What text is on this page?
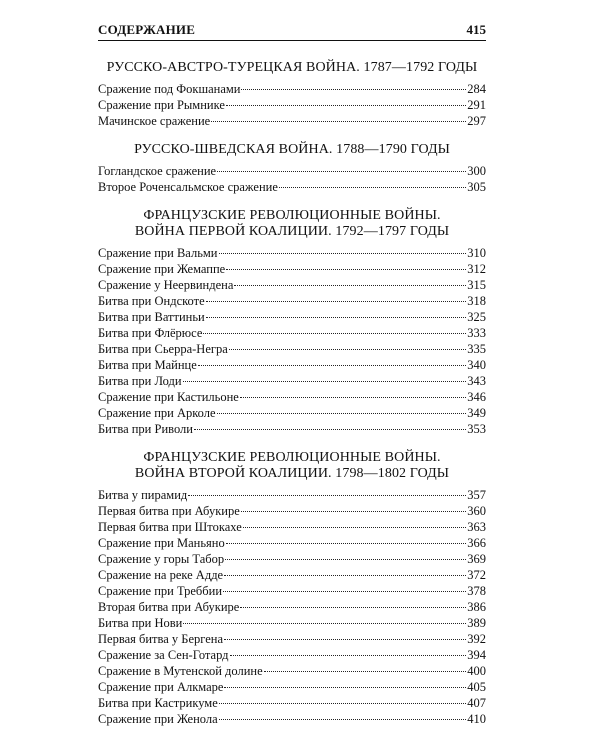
СОДЕРЖАНИЕ	415
РУССКО-АВСТРО-ТУРЕЦКАЯ ВОЙНА. 1787—1792 ГОДЫ
Сражение под Фокшанами	284
Сражение при Рымнике	291
Мачинское сражение	297
РУССКО-ШВЕДСКАЯ ВОЙНА. 1788—1790 ГОДЫ
Гогландское сражение	300
Второе Роченсальмское сражение	305
ФРАНЦУЗСКИЕ РЕВОЛЮЦИОННЫЕ ВОЙНЫ.
ВОЙНА ПЕРВОЙ КОАЛИЦИИ. 1792—1797 ГОДЫ
Сражение при Вальми	310
Сражение при Жемаппе	312
Сражение у Неервиндена	315
Битва при Ондскоте	318
Битва при Ваттиньи	325
Битва при Флёрюсе	333
Битва при Сьерра-Негра	335
Битва при Майнце	340
Битва при Лоди	343
Сражение при Кастильоне	346
Сражение при Арколе	349
Битва при Риволи	353
ФРАНЦУЗСКИЕ РЕВОЛЮЦИОННЫЕ ВОЙНЫ.
ВОЙНА ВТОРОЙ КОАЛИЦИИ. 1798—1802 ГОДЫ
Битва у пирамид	357
Первая битва при Абукире	360
Первая битва при Штокахе	363
Сражение при Маньяно	366
Сражение у горы Табор	369
Сражение на реке Адде	372
Сражение при Треббии	378
Вторая битва при Абукире	386
Битва при Нови	389
Первая битва у Бергена	392
Сражение за Сен-Готард	394
Сражение в Мутенской долине	400
Сражение при Алкмаре	405
Битва при Кастрикуме	407
Сражение при Женола	410
